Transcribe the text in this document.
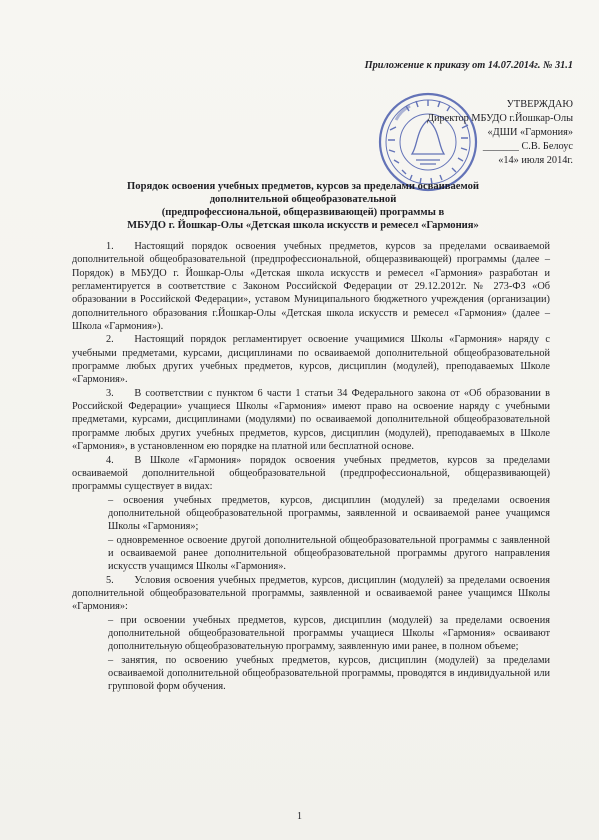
Приложение к приказу от 14.07.2014г. № 31.1
УТВЕРЖДАЮ
Директор МБУДО г.Йошкар-Олы
«ДШИ «Гармония»
_______ С.В. Белоус
«14» июля 2014г.
Порядок освоения учебных предметов, курсов за пределами осваиваемой
дополнительной общеобразовательной
(предпрофессиональной, общеразвивающей) программы в
МБУДО г. Йошкар-Олы «Детская школа искусств и ремесел «Гармония»

1.  Настоящий порядок освоения учебных предметов, курсов за пределами осваиваемой дополнительной общеобразовательной (предпрофессиональной, общеразвивающей) программы (далее – Порядок) в МБУДО г. Йошкар-Олы «Детская школа искусств и ремесел «Гармония» разработан и регламентируется в соответствие с Законом Российской Федерации от 29.12.2012г. № 273-ФЗ «Об образовании в Российской Федерации», уставом Муниципального бюджетного учреждения (организации) дополнительного образования г.Йошкар-Олы «Детская школа искусств и ремесел «Гармония» (далее – Школа «Гармония»).

2.  Настоящий порядок регламентирует освоение учащимися Школы «Гармония» наряду с учебными предметами, курсами, дисциплинами по осваиваемой дополнительной общеобразовательной программе любых других учебных предметов, курсов, дисциплин (модулей), преподаваемых Школе «Гармония».

3.  В соответствии с пунктом 6 части 1 статьи 34 Федерального закона от «Об образовании в Российской Федерации» учащиеся Школы «Гармония» имеют право на освоение наряду с учебными предметами, курсами, дисциплинами (модулями) по осваиваемой дополнительной общеобразовательной программе любых других учебных предметов, курсов, дисциплин (модулей), преподаваемых в Школе «Гармония», в установленном ею порядке на платной или бесплатной основе.

4.  В Школе «Гармония» порядок освоения учебных предметов, курсов за пределами осваиваемой дополнительной общеобразовательной (предпрофессиональной, общеразвивающей) программы существует в видах:

– освоения учебных предметов, курсов, дисциплин (модулей) за пределами освоения дополнительной общеобразовательной программы, заявленной и осваиваемой ранее учащимся Школы «Гармония»;

– одновременное освоение другой дополнительной общеобразовательной программы с заявленной и осваиваемой ранее дополнительной общеобразовательной программы другого направления искусств учащимся Школы «Гармония».

5.  Условия освоения учебных предметов, курсов, дисциплин (модулей) за пределами освоения дополнительной общеобразовательной программы, заявленной и осваиваемой ранее учащимся Школы «Гармония»:

– при освоении учебных предметов, курсов, дисциплин (модулей) за пределами освоения дополнительной общеобразовательной программы учащиеся Школы «Гармония» осваивают дополнительную общеобразовательную программу, заявленную ими ранее, в полном объеме;

– занятия, по освоению учебных предметов, курсов, дисциплин (модулей) за пределами осваиваемой дополнительной общеобразовательной программы, проводятся в индивидуальной или групповой форм обучения.

1
